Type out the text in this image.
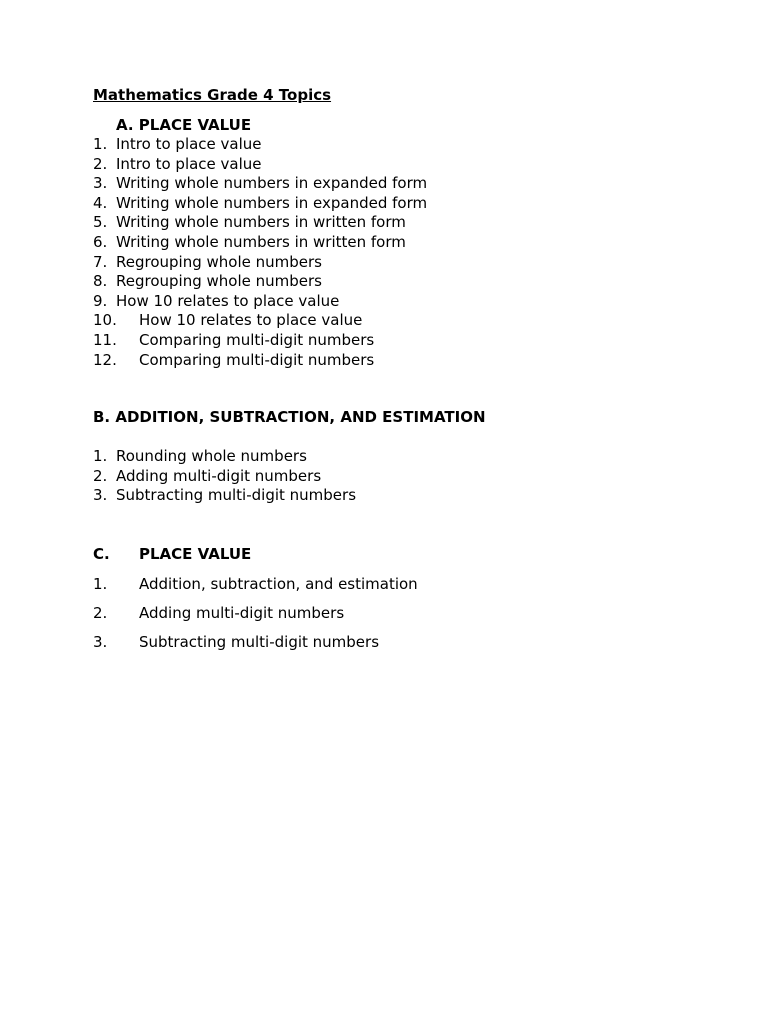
Mathematics Grade 4 Topics
A. PLACE VALUE
1. Intro to place value
2. Intro to place value
3. Writing whole numbers in expanded form
4. Writing whole numbers in expanded form
5. Writing whole numbers in written form
6. Writing whole numbers in written form
7. Regrouping whole numbers
8. Regrouping whole numbers
9. How 10 relates to place value
10. How 10 relates to place value
11. Comparing multi-digit numbers
12. Comparing multi-digit numbers
B. ADDITION, SUBTRACTION, AND ESTIMATION
1. Rounding whole numbers
2. Adding multi-digit numbers
3. Subtracting multi-digit numbers
C. PLACE VALUE
1. Addition, subtraction, and estimation
2. Adding multi-digit numbers
3. Subtracting multi-digit numbers
